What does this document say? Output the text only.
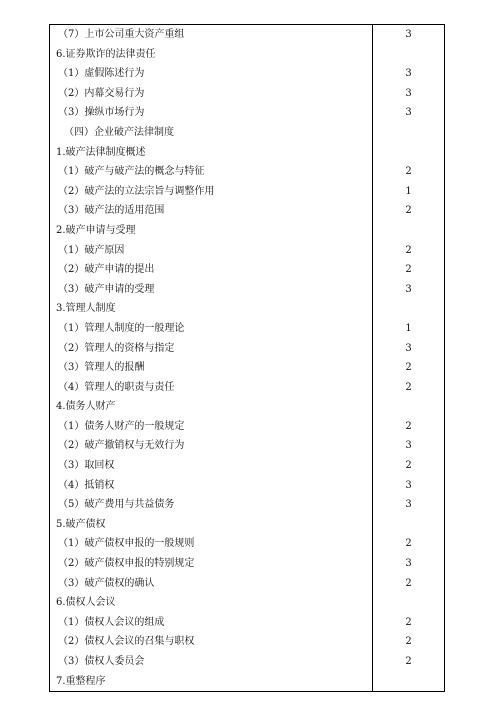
（7）上市公司重大资产重组	3
6.证券欺诈的法律责任	
（1）虚假陈述行为	3
（2）内幕交易行为	3
（3）操纵市场行为	3
（四）企业破产法律制度	
1.破产法律制度概述	
（1）破产与破产法的概念与特征	2
（2）破产法的立法宗旨与调整作用	1
（3）破产法的适用范围	2
2.破产申请与受理	
（1）破产原因	2
（2）破产申请的提出	2
（3）破产申请的受理	3
3.管理人制度	
（1）管理人制度的一般理论	1
（2）管理人的资格与指定	3
（3）管理人的报酬	2
（4）管理人的职责与责任	2
4.债务人财产	
（1）债务人财产的一般规定	2
（2）破产撤销权与无效行为	3
（3）取回权	2
（4）抵销权	3
（5）破产费用与共益债务	3
5.破产债权	
（1）破产债权申报的一般规则	2
（2）破产债权申报的特别规定	3
（3）破产债权的确认	2
6.债权人会议	
（1）债权人会议的组成	2
（2）债权人会议的召集与职权	2
（3）债权人委员会	2
7.重整程序	
